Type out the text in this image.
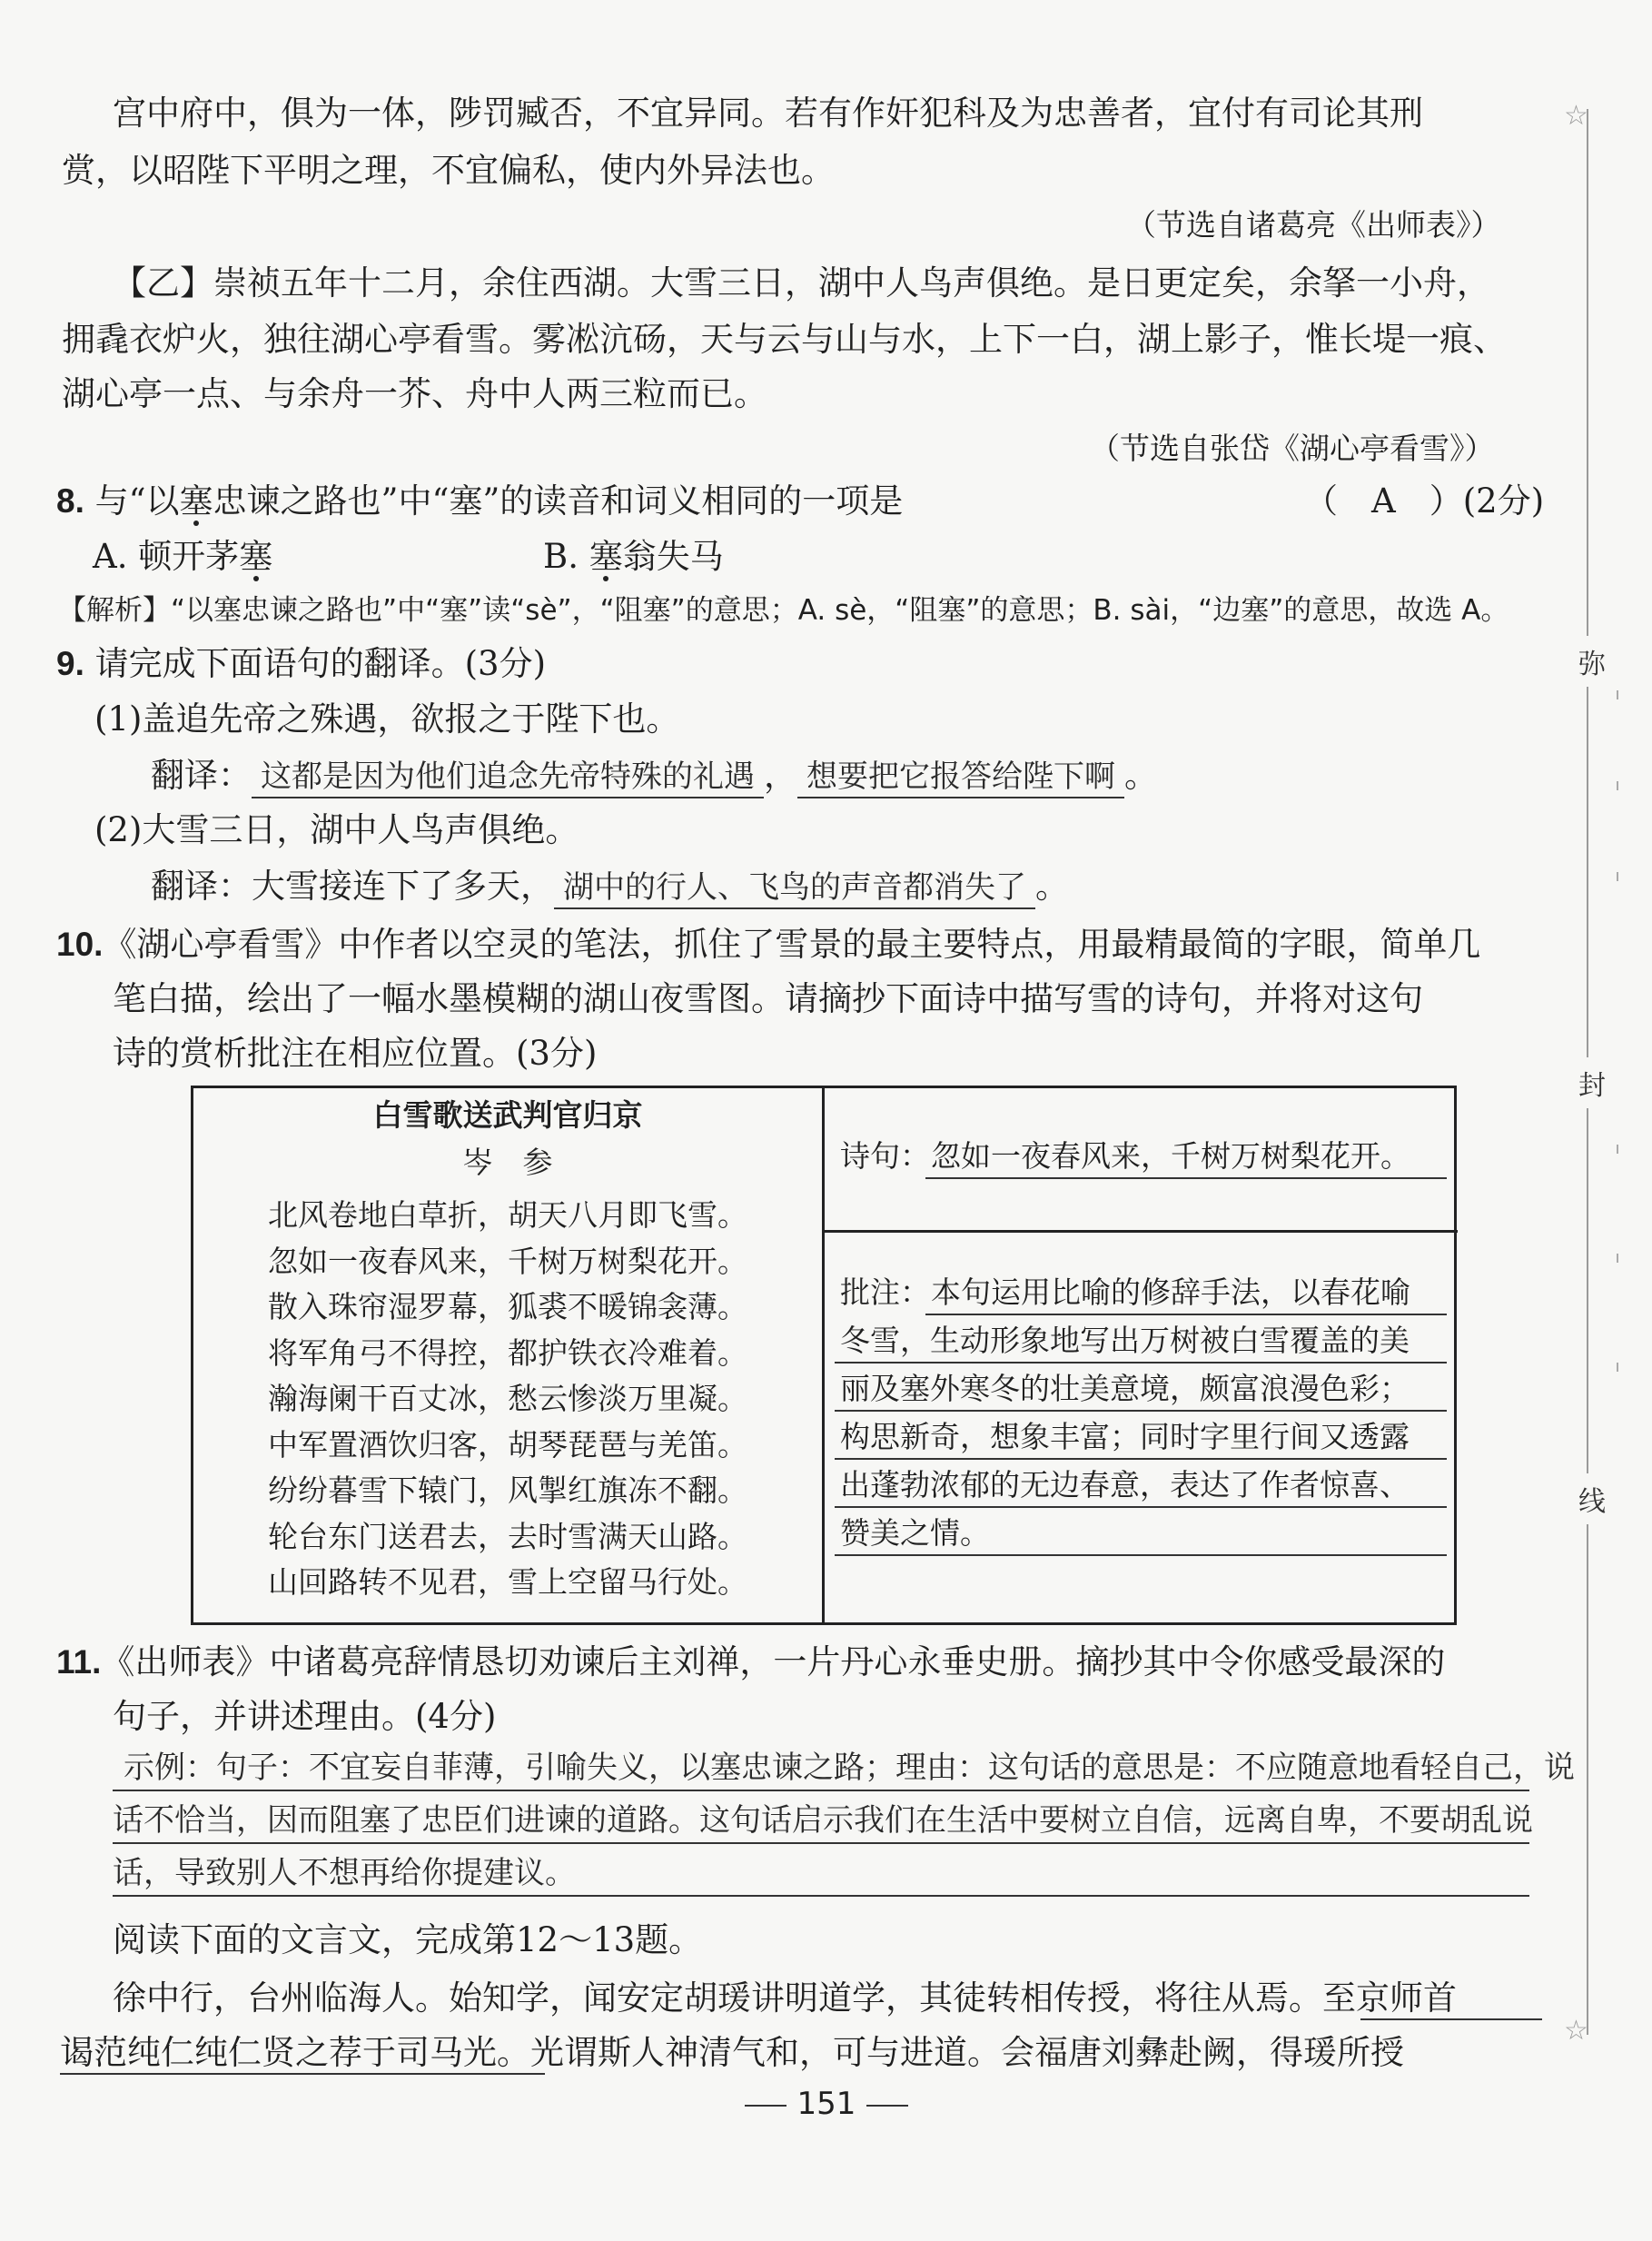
宫中府中，俱为一体，陟罚臧否，不宜异同。若有作奸犯科及为忠善者，宜付有司论其刑
赏，以昭陛下平明之理，不宜偏私，使内外异法也。
（节选自诸葛亮《出师表》）
【乙】崇祯五年十二月，余住西湖。大雪三日，湖中人鸟声俱绝。是日更定矣，余拏一小舟，
拥毳衣炉火，独往湖心亭看雪。雾凇沆砀，天与云与山与水，上下一白，湖上影子，惟长堤一痕、
湖心亭一点、与余舟一芥、舟中人两三粒而已。
（节选自张岱《湖心亭看雪》）
8. 与“以塞忠谏之路也”中“塞”的读音和词义相同的一项是	（　A　）(2分)
A. 顿开茅塞	B. 塞翁失马
【解析】“以塞忠谏之路也”中“塞”读“sè”，“阻塞”的意思；A. sè，“阻塞”的意思；B. sài，“边塞”的意思，故选 A。
9. 请完成下面语句的翻译。(3分)
(1)盖追先帝之殊遇，欲报之于陛下也。
翻译： 这都是因为他们追念先帝特殊的礼遇 ， 想要把它报答给陛下啊 。
(2)大雪三日，湖中人鸟声俱绝。
翻译：大雪接连下了多天， 湖中的行人、飞鸟的声音都消失了 。
10.《湖心亭看雪》中作者以空灵的笔法，抓住了雪景的最主要特点，用最精最简的字眼，简单几
笔白描，绘出了一幅水墨模糊的湖山夜雪图。请摘抄下面诗中描写雪的诗句，并将对这句
诗的赏析批注在相应位置。(3分)
白雪歌送武判官归京
岑　参
北风卷地白草折，胡天八月即飞雪。
忽如一夜春风来，千树万树梨花开。
散入珠帘湿罗幕，狐裘不暖锦衾薄。
将军角弓不得控，都护铁衣冷难着。
瀚海阑干百丈冰，愁云惨淡万里凝。
中军置酒饮归客，胡琴琵琶与羌笛。
纷纷暮雪下辕门，风掣红旗冻不翻。
轮台东门送君去，去时雪满天山路。
山回路转不见君，雪上空留马行处。
诗句： 忽如一夜春风来，千树万树梨花开。
批注： 本句运用比喻的修辞手法，以春花喻
冬雪，生动形象地写出万树被白雪覆盖的美
丽及塞外寒冬的壮美意境，颇富浪漫色彩；
构思新奇，想象丰富；同时字里行间又透露
出蓬勃浓郁的无边春意，表达了作者惊喜、
赞美之情。
11.《出师表》中诸葛亮辞情恳切劝谏后主刘禅，一片丹心永垂史册。摘抄其中令你感受最深的
句子，并讲述理由。(4分)
示例：句子：不宜妄自菲薄，引喻失义，以塞忠谏之路；理由：这句话的意思是：不应随意地看轻自己，说
话不恰当，因而阻塞了忠臣们进谏的道路。这句话启示我们在生活中要树立自信，远离自卑，不要胡乱说
话，导致别人不想再给你提建议。
阅读下面的文言文，完成第12～13题。
徐中行，台州临海人。始知学，闻安定胡瑗讲明道学，其徒转相传授，将往从焉。至京师首
谒范纯仁纯仁贤之荐于司马光。光谓斯人神清气和，可与进道。会福唐刘彝赴阙，得瑗所授
151
☆
☆
弥
封
线
